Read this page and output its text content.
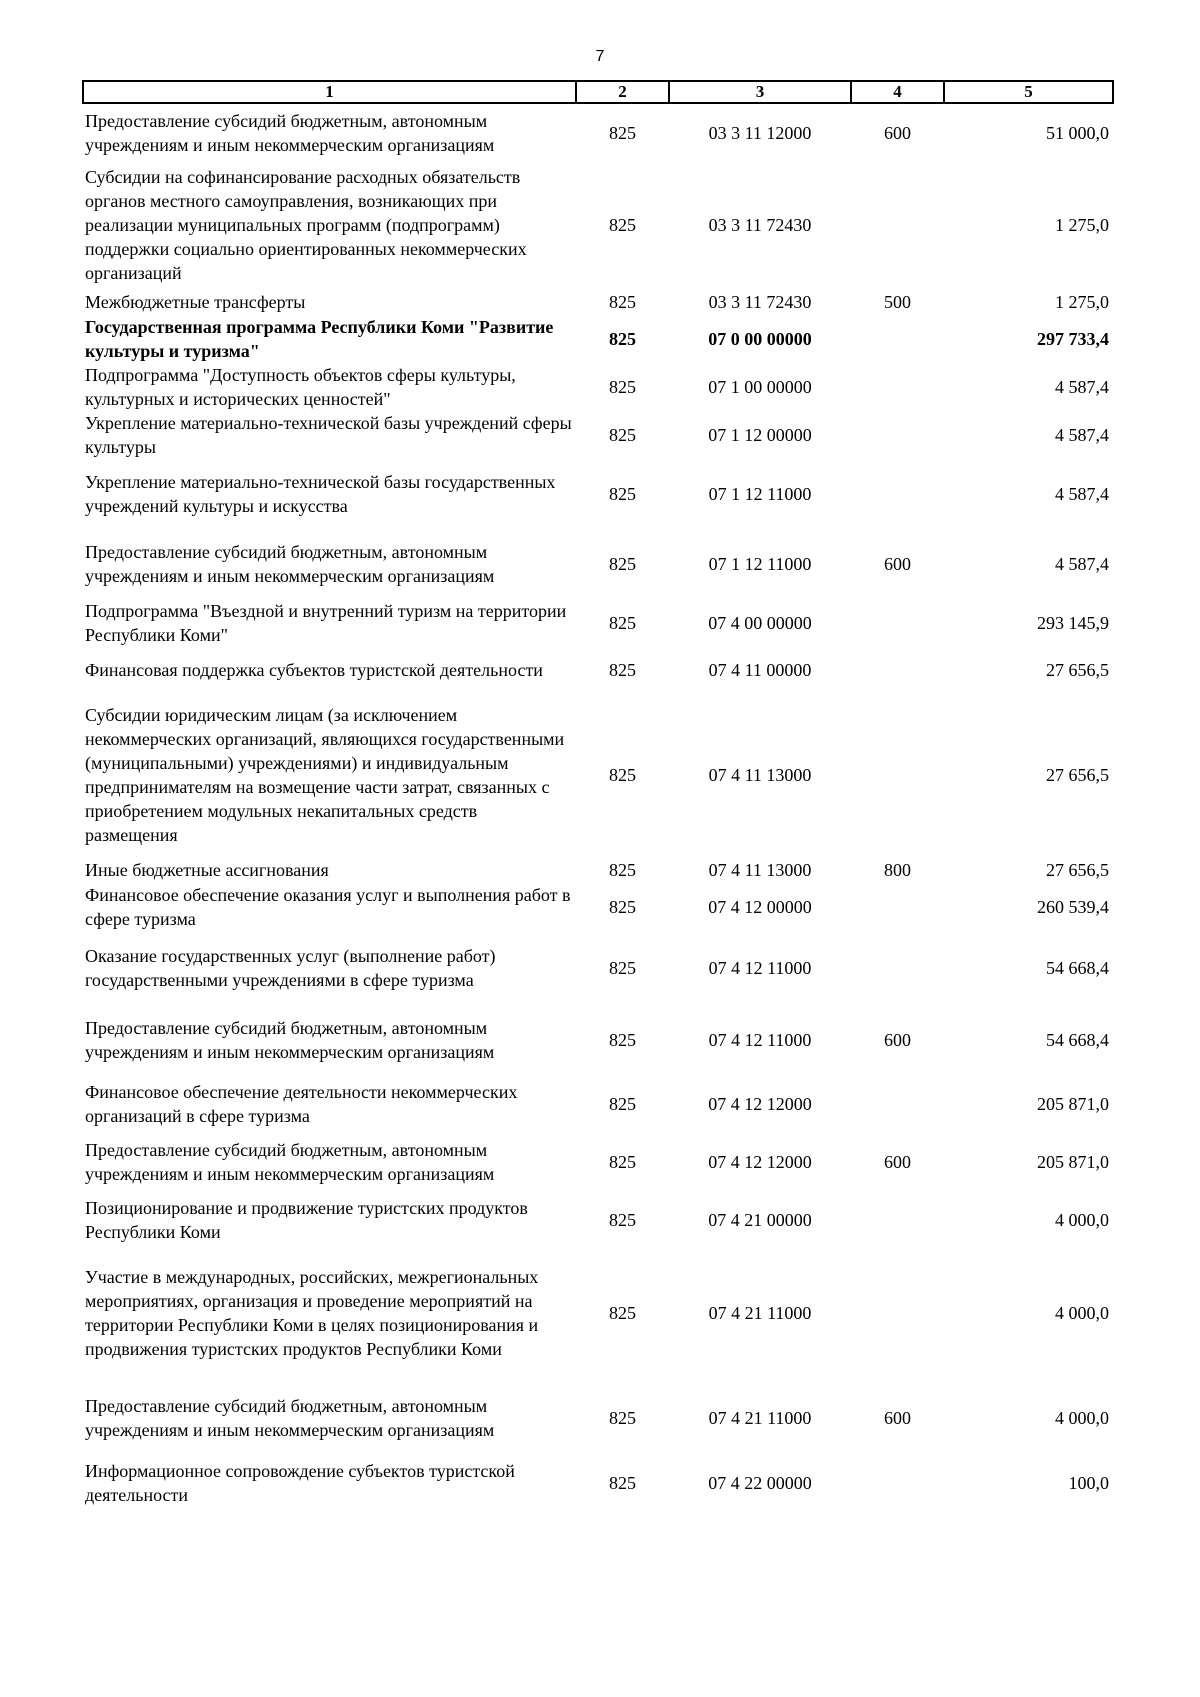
7
1	2	3	4	5
Предоставление субсидий бюджетным, автономным учреждениям и иным некоммерческим организациям	825	03 3 11 12000	600	51 000,0
Субсидии на софинансирование расходных обязательств органов местного самоуправления, возникающих при реализации муниципальных программ (подпрограмм) поддержки социально ориентированных некоммерческих организаций	825	03 3 11 72430		1 275,0
Межбюджетные трансферты	825	03 3 11 72430	500	1 275,0
Государственная программа Республики Коми "Развитие культуры и туризма"	825	07 0 00 00000		297 733,4
Подпрограмма "Доступность объектов сферы культуры, культурных и исторических ценностей"	825	07 1 00 00000		4 587,4
Укрепление материально-технической базы учреждений сферы культуры	825	07 1 12 00000		4 587,4
Укрепление материально-технической базы государственных учреждений культуры и искусства	825	07 1 12 11000		4 587,4
Предоставление субсидий бюджетным, автономным учреждениям и иным некоммерческим организациям	825	07 1 12 11000	600	4 587,4
Подпрограмма "Въездной и внутренний туризм на территории Республики Коми"	825	07 4 00 00000		293 145,9
Финансовая поддержка субъектов туристской деятельности	825	07 4 11 00000		27 656,5
Субсидии юридическим лицам (за исключением некоммерческих организаций, являющихся государственными (муниципальными) учреждениями) и индивидуальным предпринимателям на возмещение части затрат, связанных с приобретением модульных некапитальных средств размещения	825	07 4 11 13000		27 656,5
Иные бюджетные ассигнования	825	07 4 11 13000	800	27 656,5
Финансовое обеспечение оказания услуг и выполнения работ в сфере туризма	825	07 4 12 00000		260 539,4
Оказание государственных услуг (выполнение работ) государственными учреждениями в сфере туризма	825	07 4 12 11000		54 668,4
Предоставление субсидий бюджетным, автономным учреждениям и иным некоммерческим организациям	825	07 4 12 11000	600	54 668,4
Финансовое обеспечение деятельности некоммерческих организаций в сфере туризма	825	07 4 12 12000		205 871,0
Предоставление субсидий бюджетным, автономным учреждениям и иным некоммерческим организациям	825	07 4 12 12000	600	205 871,0
Позиционирование и продвижение туристских продуктов Республики Коми	825	07 4 21 00000		4 000,0
Участие в международных, российских, межрегиональных мероприятиях, организация и проведение мероприятий на территории Республики Коми в целях позиционирования и продвижения туристских продуктов Республики Коми	825	07 4 21 11000		4 000,0
Предоставление субсидий бюджетным, автономным учреждениям и иным некоммерческим организациям	825	07 4 21 11000	600	4 000,0
Информационное сопровождение субъектов туристской деятельности	825	07 4 22 00000		100,0
